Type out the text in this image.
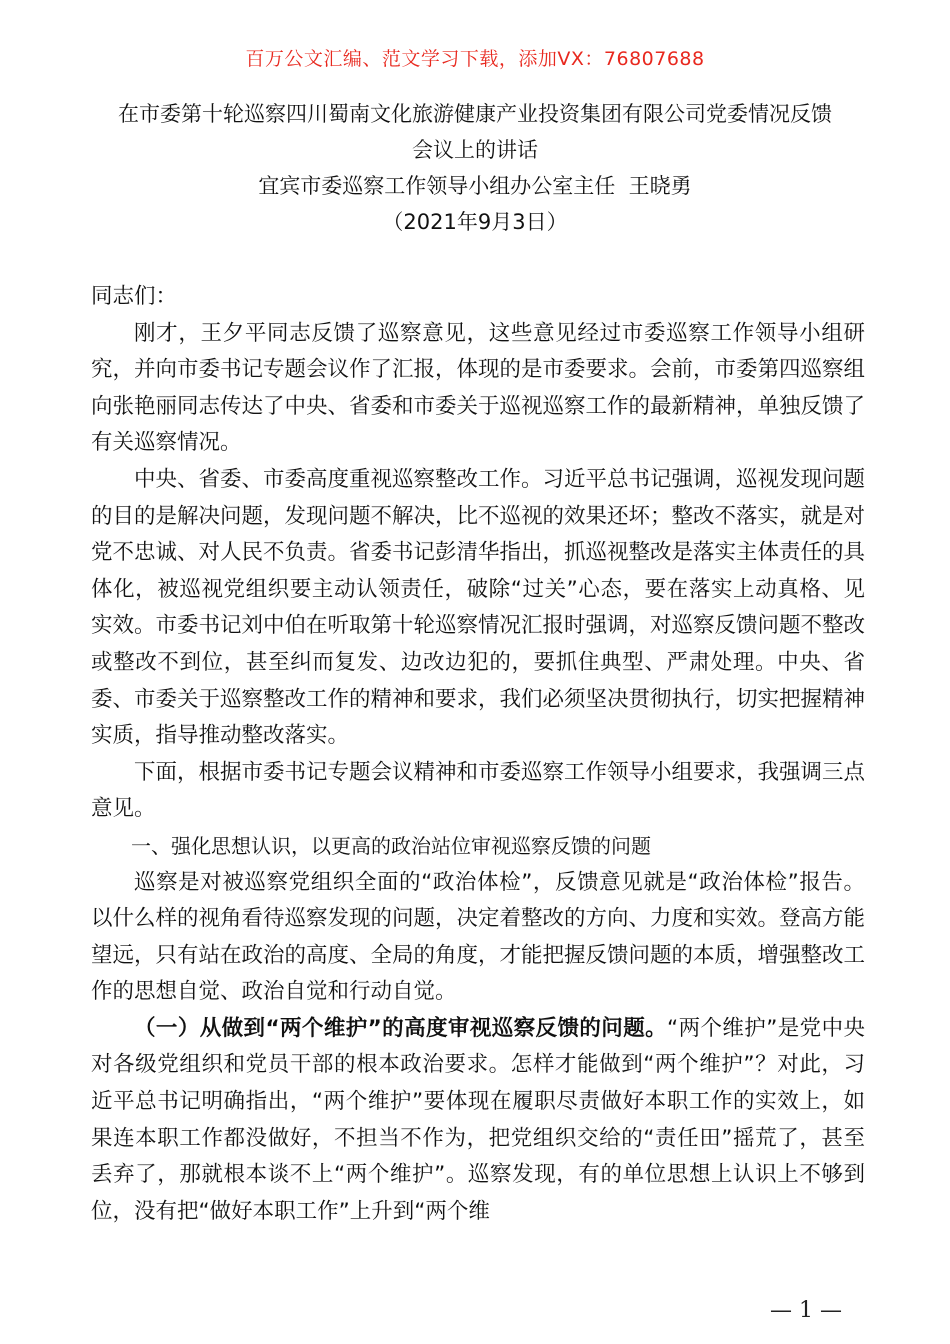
百万公文汇编、范文学习下载，添加VX：76807688
在市委第十轮巡察四川蜀南文化旅游健康产业投资集团有限公司党委情况反馈
会议上的讲话
宜宾市委巡察工作领导小组办公室主任  王晓勇
（2021年9月3日）

同志们：

刚才，王夕平同志反馈了巡察意见，这些意见经过市委巡察工作领导小组研究，并向市委书记专题会议作了汇报，体现的是市委要求。会前，市委第四巡察组向张艳丽同志传达了中央、省委和市委关于巡视巡察工作的最新精神，单独反馈了有关巡察情况。

中央、省委、市委高度重视巡察整改工作。习近平总书记强调，巡视发现问题的目的是解决问题，发现问题不解决，比不巡视的效果还坏；整改不落实，就是对党不忠诚、对人民不负责。省委书记彭清华指出，抓巡视整改是落实主体责任的具体化，被巡视党组织要主动认领责任，破除“过关”心态，要在落实上动真格、见实效。市委书记刘中伯在听取第十轮巡察情况汇报时强调，对巡察反馈问题不整改或整改不到位，甚至纠而复发、边改边犯的，要抓住典型、严肃处理。中央、省委、市委关于巡察整改工作的精神和要求，我们必须坚决贯彻执行，切实把握精神实质，指导推动整改落实。

下面，根据市委书记专题会议精神和市委巡察工作领导小组要求，我强调三点意见。

一、强化思想认识，以更高的政治站位审视巡察反馈的问题

巡察是对被巡察党组织全面的“政治体检”，反馈意见就是“政治体检”报告。以什么样的视角看待巡察发现的问题，决定着整改的方向、力度和实效。登高方能望远，只有站在政治的高度、全局的角度，才能把握反馈问题的本质，增强整改工作的思想自觉、政治自觉和行动自觉。

（一）从做到“两个维护”的高度审视巡察反馈的问题。“两个维护”是党中央对各级党组织和党员干部的根本政治要求。怎样才能做到“两个维护”？对此，习近平总书记明确指出，“两个维护”要体现在履职尽责做好本职工作的实效上，如果连本职工作都没做好，不担当不作为，把党组织交给的“责任田”摇荒了，甚至丢弃了，那就根本谈不上“两个维护”。巡察发现，有的单位思想上认识上不够到位，没有把“做好本职工作”上升到“两个维

— 1 —
